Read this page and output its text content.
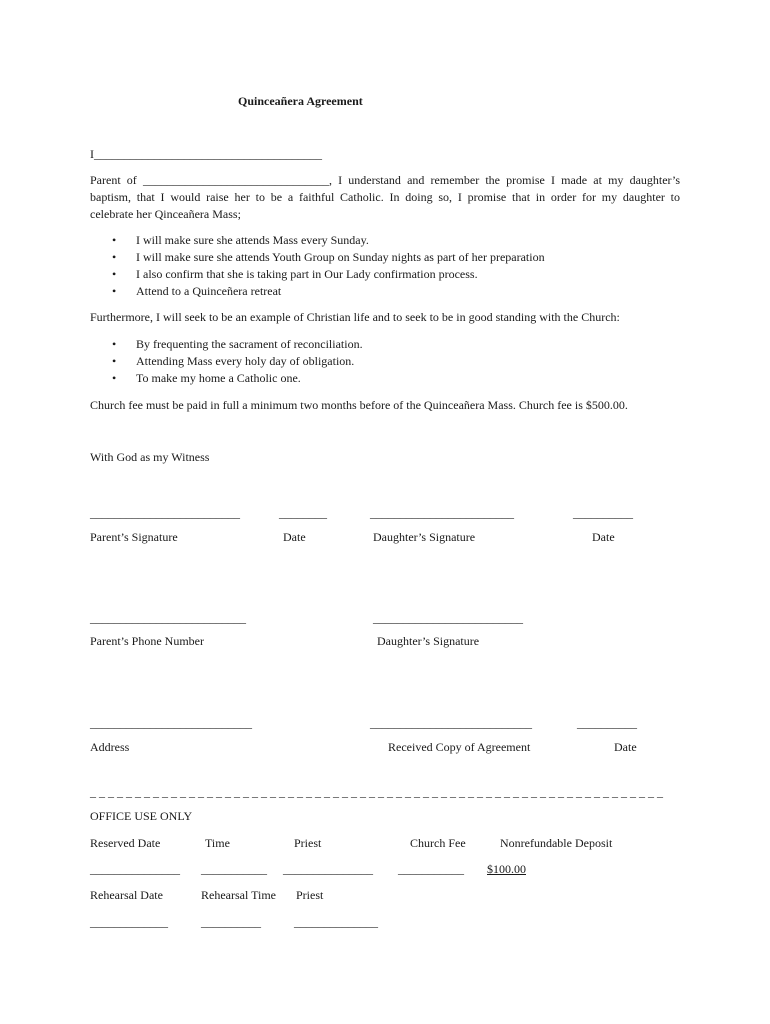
Quinceañera Agreement
I______________________________________
Parent of _______________________________, I understand and remember the promise I made at my daughter’s
baptism, that I would raise her to be a faithful Catholic. In doing so, I promise that in order for my daughter to
celebrate her Qinceañera Mass;
• I will make sure she attends Mass every Sunday.
• I will make sure she attends Youth Group on Sunday nights as part of her preparation
• I also confirm that she is taking part in Our Lady confirmation process.
• Attend to a Quinceñera retreat
Furthermore, I will seek to be an example of Christian life and to seek to be in good standing with the Church:
• By frequenting the sacrament of reconciliation.
• Attending Mass every holy day of obligation.
• To make my home a Catholic one.
Church fee must be paid in full a minimum two months before of the Quinceañera Mass. Church fee is $500.00.
With God as my Witness
_________________________	________	________________________	__________
Parent’s Signature	Date	Daughter’s Signature	Date
__________________________	_________________________
Parent’s Phone Number	Daughter’s Signature
___________________________	___________________________	__________
Address	Received Copy of Agreement	Date
_ _ _ _ _ _ _ _ _ _ _ _ _ _ _ _ _ _ _ _ _ _ _ _ _ _ _ _ _ _ _ _ _ _ _ _ _ _ _ _ _ _ _ _ _ _ _ _ _ _ _ _ _ _ _ _ _ _ _ _ _ _ _ _
OFFICE USE ONLY
Reserved Date	Time	Priest	Church Fee	Nonrefundable Deposit
_______________ ___________ _______________ ___________ $100.00
Rehearsal Date	Rehearsal Time Priest
_____________	__________	______________
